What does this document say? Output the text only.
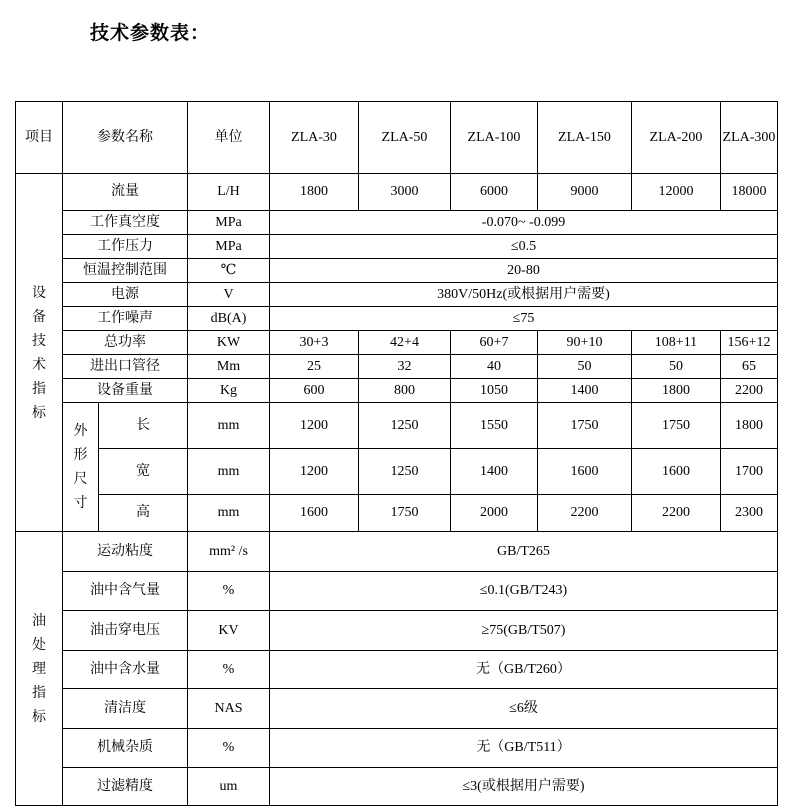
技术参数表：
项目	参数名称		单位	ZLA-30	ZLA-50	ZLA-100	ZLA-150	ZLA-200	ZLA-300

设备技术指标	流量		L/H	1800	3000	6000	9000	12000	18000
	工作真空度		MPa	-0.070~ -0.099					
	工作压力		MPa	≤0.5					
	恒温控制范围		℃	20-80					
	电源		V	380V/50Hz(或根据用户需要)					
	工作噪声		dB(A)	≤75					
	总功率		KW	30+3	42+4	60+7	90+10	108+11	156+12
	进出口管径		Mm	25	32	40	50	50	65
	设备重量		Kg	600	800	1050	1400	1800	2200

	外形尺寸	长	mm	1200	1250	1550	1750	1750	1800
		宽	mm	1200	1250	1400	1600	1600	1700
		高	mm	1600	1750	2000	2200	2200	2300

油处理指标	运动粘度		mm² /s	GB/T265					
	油中含气量		%	≤0.1(GB/T243)					
	油击穿电压		KV	≥75(GB/T507)					
	油中含水量		%	无（GB/T260）					
	清洁度		NAS	≤6级					
	机械杂质		%	无（GB/T511）					
	过滤精度		um	≤3(或根据用户需要)					
